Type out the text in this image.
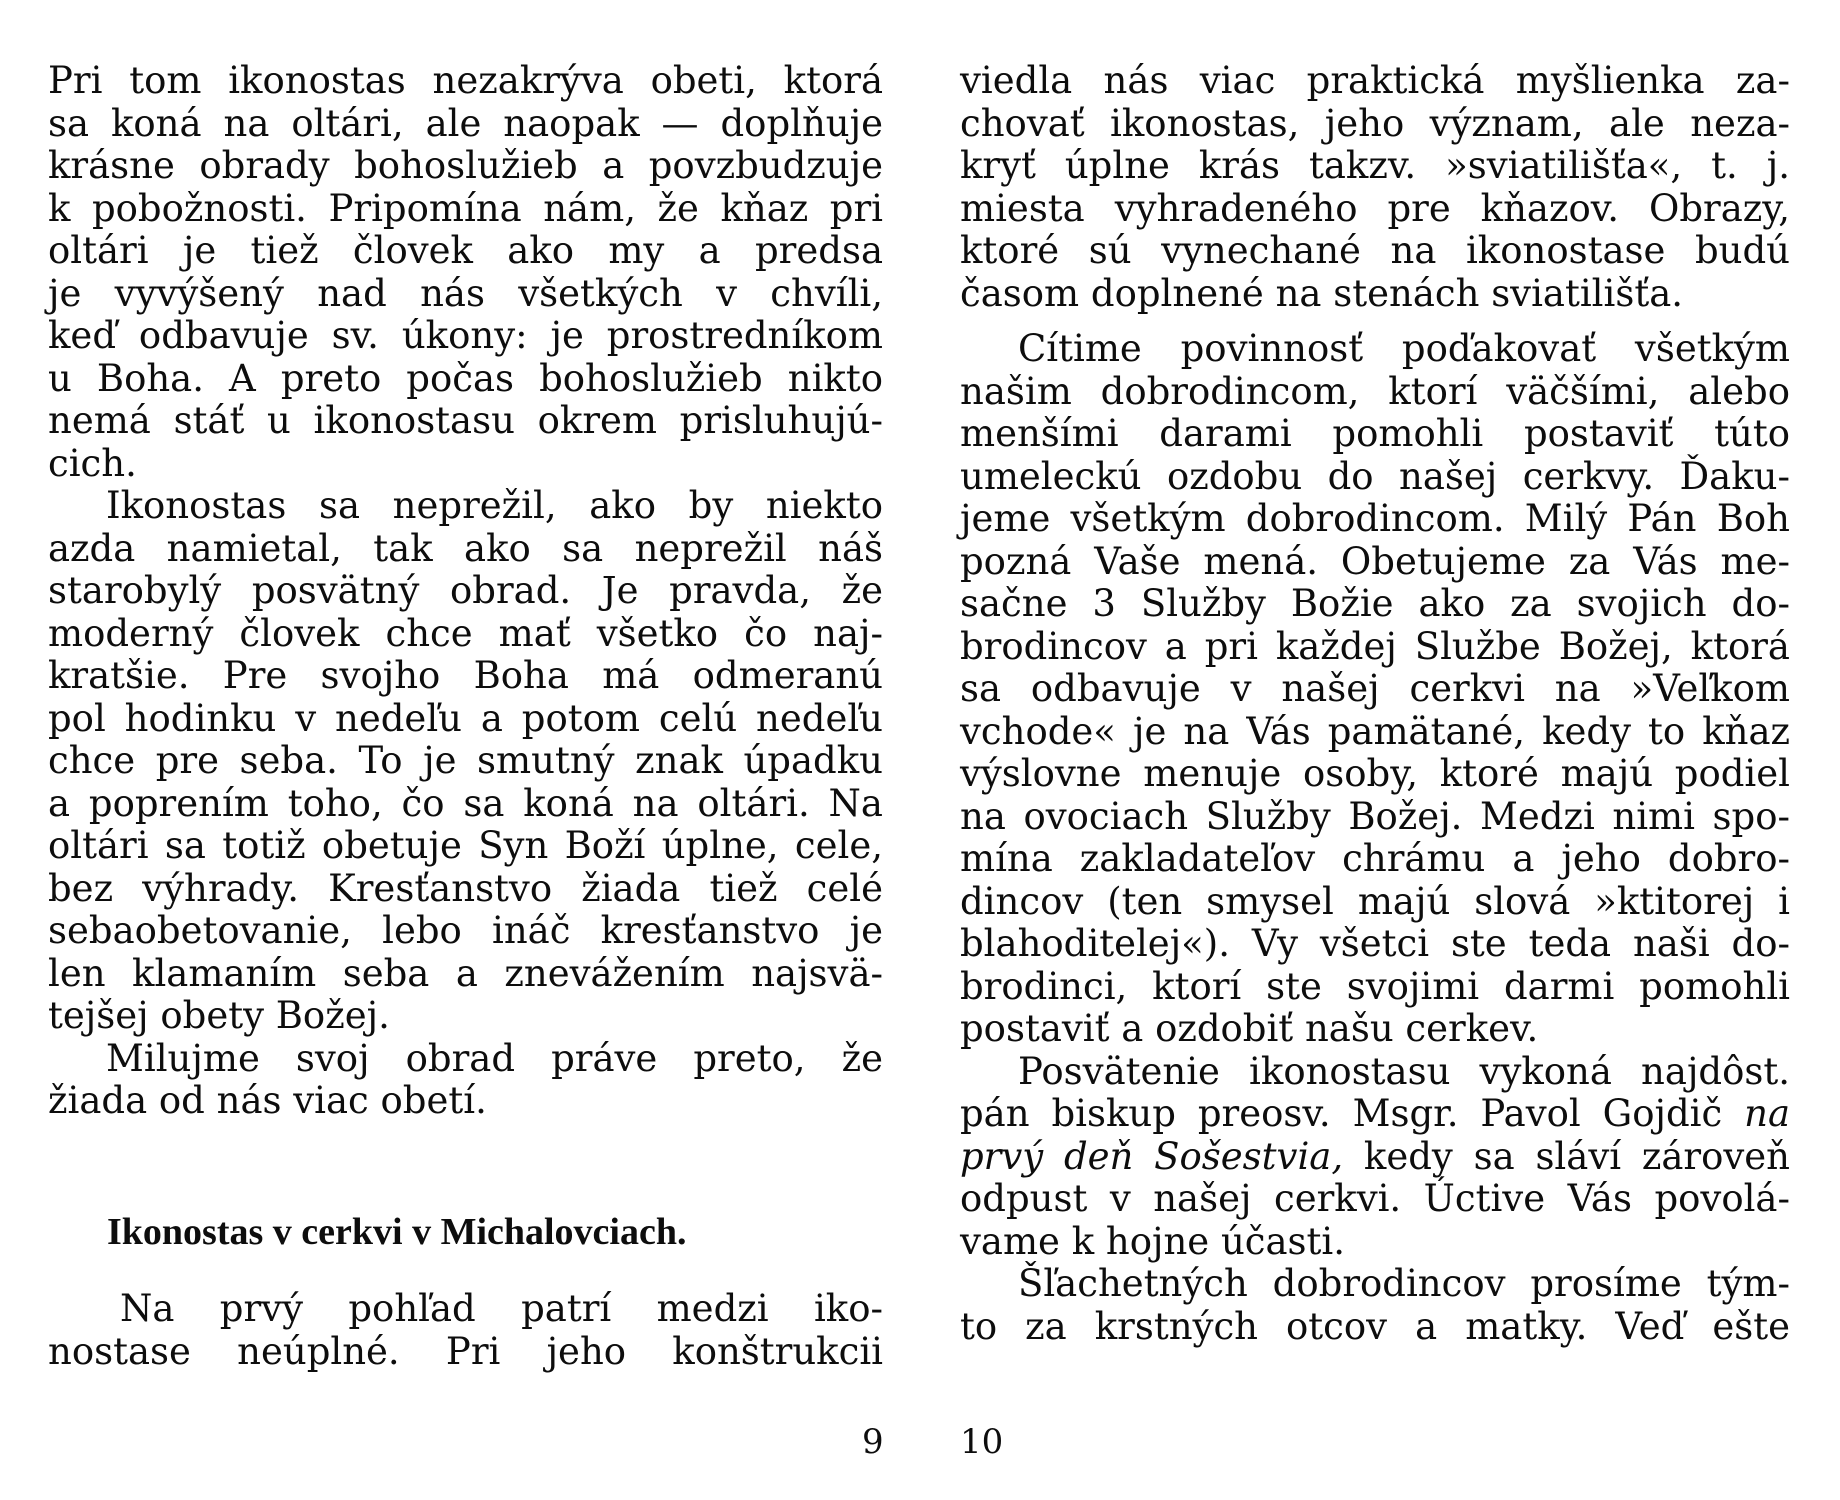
Pri tom ikonostas nezakrýva obeti, ktorá
sa koná na oltári, ale naopak — doplňuje
krásne obrady bohoslužieb a povzbudzuje
k pobožnosti. Pripomína nám, že kňaz pri
oltári je tiež človek ako my a predsa
je vyvýšený nad nás všetkých v chvíli,
keď odbavuje sv. úkony: je prostredníkom
u Boha. A preto počas bohoslužieb nikto
nemá stáť u ikonostasu okrem prisluhujú-
cich.
Ikonostas sa neprežil, ako by niekto
azda namietal, tak ako sa neprežil náš
starobylý posvätný obrad. Je pravda, že
moderný človek chce mať všetko čo naj-
kratšie. Pre svojho Boha má odmeranú
pol hodinku v nedeľu a potom celú nedeľu
chce pre seba. To je smutný znak úpadku
a poprením toho, čo sa koná na oltári. Na
oltári sa totiž obetuje Syn Boží úplne, cele,
bez výhrady. Kresťanstvo žiada tiež celé
sebaobetovanie, lebo ináč kresťanstvo je
len klamaním seba a znevážením najsvä-
tejšej obety Božej.
Milujme svoj obrad práve preto, že
žiada od nás viac obetí.
Ikonostas v cerkvi v Michalovciach.
Na prvý pohľad patrí medzi iko-
nostase neúplné. Pri jeho konštrukcii
9
viedla nás viac praktická myšlienka za-
chovať ikonostas, jeho význam, ale neza-
kryť úplne krás takzv. »sviatilišťa«, t. j.
miesta vyhradeného pre kňazov. Obrazy,
ktoré sú vynechané na ikonostase budú
časom doplnené na stenách sviatilišťa.
Cítime povinnosť poďakovať všetkým
našim dobrodincom, ktorí väčšími, alebo
menšími darami pomohli postaviť túto
umeleckú ozdobu do našej cerkvy. Ďaku-
jeme všetkým dobrodincom. Milý Pán Boh
pozná Vaše mená. Obetujeme za Vás me-
sačne 3 Služby Božie ako za svojich do-
brodincov a pri každej Službe Božej, ktorá
sa odbavuje v našej cerkvi na »Veľkom
vchode« je na Vás pamätané, kedy to kňaz
výslovne menuje osoby, ktoré majú podiel
na ovociach Služby Božej. Medzi nimi spo-
mína zakladateľov chrámu a jeho dobro-
dincov (ten smysel majú slová »ktitorej i
blahoditelej«). Vy všetci ste teda naši do-
brodinci, ktorí ste svojimi darmi pomohli
postaviť a ozdobiť našu cerkev.
Posvätenie ikonostasu vykoná najdôst.
pán biskup preosv. Msgr. Pavol Gojdič na
prvý deň Sošestvia, kedy sa sláví zároveň
odpust v našej cerkvi. Úctive Vás povolá-
vame k hojne účasti.
Šľachetných dobrodincov prosíme tým-
to za krstných otcov a matky. Veď ešte
10
